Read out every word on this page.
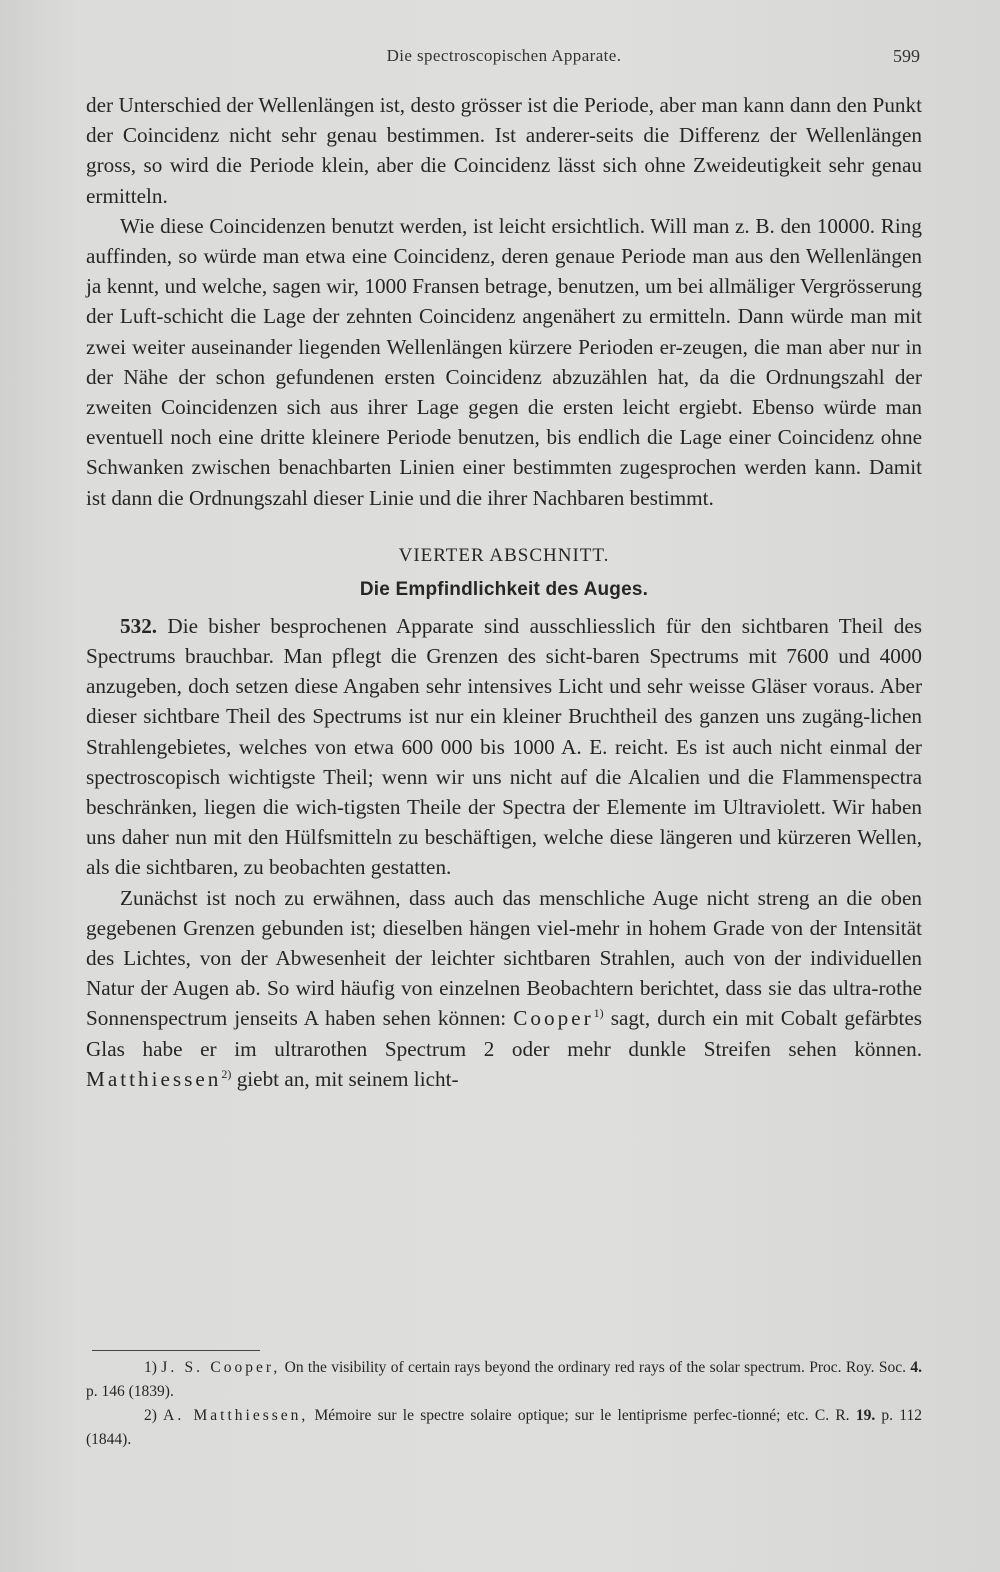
Die spectroscopischen Apparate.	599

der Unterschied der Wellenlängen ist, desto grösser ist die Periode, aber man kann dann den Punkt der Coincidenz nicht sehr genau bestimmen. Ist anderer-seits die Differenz der Wellenlängen gross, so wird die Periode klein, aber die Coincidenz lässt sich ohne Zweideutigkeit sehr genau ermitteln.

Wie diese Coincidenzen benutzt werden, ist leicht ersichtlich. Will man z. B. den 10000. Ring auffinden, so würde man etwa eine Coincidenz, deren genaue Periode man aus den Wellenlängen ja kennt, und welche, sagen wir, 1000 Fransen betrage, benutzen, um bei allmäliger Vergrösserung der Luft-schicht die Lage der zehnten Coincidenz angenähert zu ermitteln. Dann würde man mit zwei weiter auseinander liegenden Wellenlängen kürzere Perioden er-zeugen, die man aber nur in der Nähe der schon gefundenen ersten Coincidenz abzuzählen hat, da die Ordnungszahl der zweiten Coincidenzen sich aus ihrer Lage gegen die ersten leicht ergiebt. Ebenso würde man eventuell noch eine dritte kleinere Periode benutzen, bis endlich die Lage einer Coincidenz ohne Schwanken zwischen benachbarten Linien einer bestimmten zugesprochen werden kann. Damit ist dann die Ordnungszahl dieser Linie und die ihrer Nachbaren bestimmt.

VIERTER ABSCHNITT.
Die Empfindlichkeit des Auges.

532. Die bisher besprochenen Apparate sind ausschliesslich für den sichtbaren Theil des Spectrums brauchbar. Man pflegt die Grenzen des sicht-baren Spectrums mit 7600 und 4000 anzugeben, doch setzen diese Angaben sehr intensives Licht und sehr weisse Gläser voraus. Aber dieser sichtbare Theil des Spectrums ist nur ein kleiner Bruchtheil des ganzen uns zugäng-lichen Strahlengebietes, welches von etwa 600 000 bis 1000 A. E. reicht. Es ist auch nicht einmal der spectroscopisch wichtigste Theil; wenn wir uns nicht auf die Alcalien und die Flammenspectra beschränken, liegen die wich-tigsten Theile der Spectra der Elemente im Ultraviolett. Wir haben uns daher nun mit den Hülfsmitteln zu beschäftigen, welche diese längeren und kürzeren Wellen, als die sichtbaren, zu beobachten gestatten.

Zunächst ist noch zu erwähnen, dass auch das menschliche Auge nicht streng an die oben gegebenen Grenzen gebunden ist; dieselben hängen viel-mehr in hohem Grade von der Intensität des Lichtes, von der Abwesenheit der leichter sichtbaren Strahlen, auch von der individuellen Natur der Augen ab. So wird häufig von einzelnen Beobachtern berichtet, dass sie das ultra-rothe Sonnenspectrum jenseits A haben sehen können: Cooper$^{1)}$ sagt, durch ein mit Cobalt gefärbtes Glas habe er im ultrarothen Spectrum 2 oder mehr dunkle Streifen sehen können. Matthiessen$^{2)}$ giebt an, mit seinem licht-

1) J. S. Cooper, On the visibility of certain rays beyond the ordinary red rays of the solar spectrum. Proc. Roy. Soc. 4. p. 146 (1839).

2) A. Matthiessen, Mémoire sur le spectre solaire optique; sur le lentiprisme perfec-tionné; etc. C. R. 19. p. 112 (1844).
